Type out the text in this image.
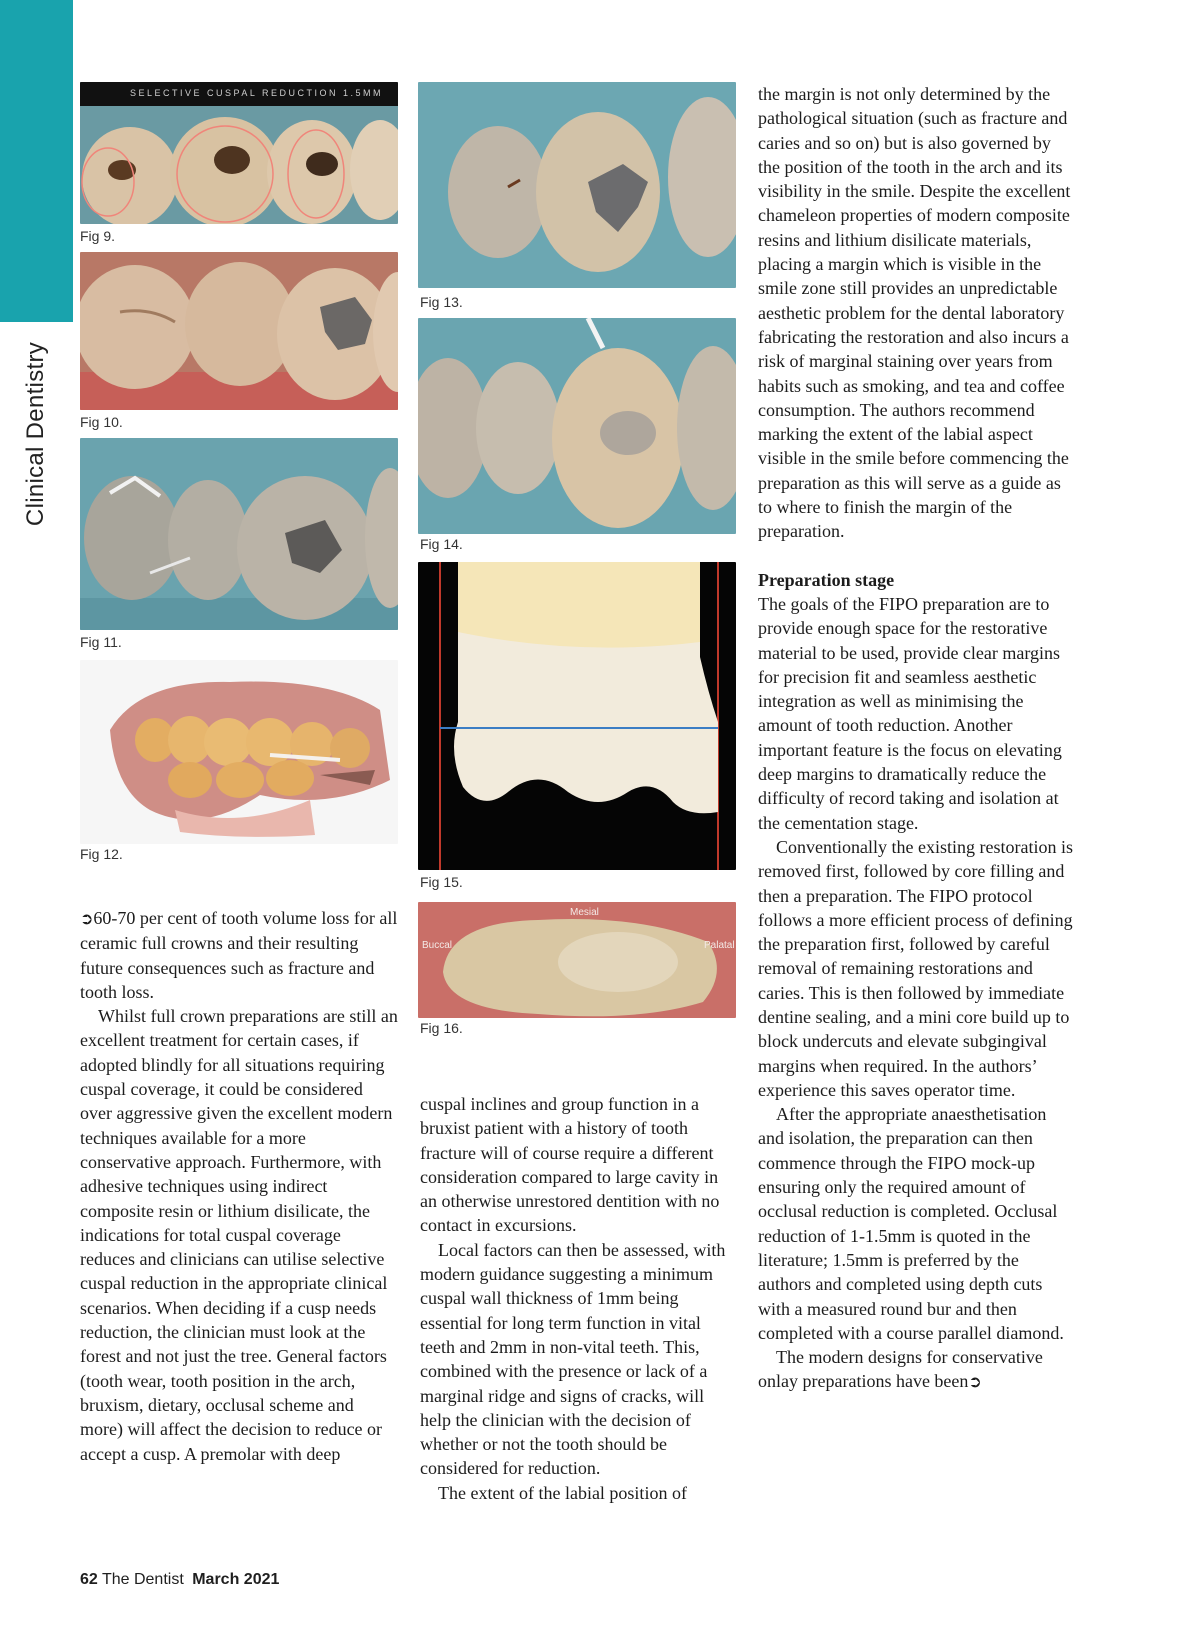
Clinical Dentistry
SELECTIVE CUSPAL REDUCTION 1.5MM
Fig 9.
Fig 10.
Fig 11.
Fig 12.
Fig 13.
Fig 14.
Fig 15.
Mesial
Buccal	Palatal
Fig 16.

➲60-70 per cent of tooth volume loss for all ceramic full crowns and their resulting future consequences such as fracture and tooth loss.

Whilst full crown preparations are still an excellent treatment for certain cases, if adopted blindly for all situations requiring cuspal coverage, it could be considered over aggressive given the excellent modern techniques available for a more conservative approach. Furthermore, with adhesive techniques using indirect composite resin or lithium disilicate, the indications for total cuspal coverage reduces and clinicians can utilise selective cuspal reduction in the appropriate clinical scenarios. When deciding if a cusp needs reduction, the clinician must look at the forest and not just the tree. General factors (tooth wear, tooth position in the arch, bruxism, dietary, occlusal scheme and more) will affect the decision to reduce or accept a cusp. A premolar with deep

cuspal inclines and group function in a bruxist patient with a history of tooth fracture will of course require a different consideration compared to large cavity in an otherwise unrestored dentition with no contact in excursions.

Local factors can then be assessed, with modern guidance suggesting a minimum cuspal wall thickness of 1mm being essential for long term function in vital teeth and 2mm in non-vital teeth. This, combined with the presence or lack of a marginal ridge and signs of cracks, will help the clinician with the decision of whether or not the tooth should be considered for reduction.

The extent of the labial position of

the margin is not only determined by the pathological situation (such as fracture and caries and so on) but is also governed by the position of the tooth in the arch and its visibility in the smile. Despite the excellent chameleon properties of modern composite resins and lithium disilicate materials, placing a margin which is visible in the smile zone still provides an unpredictable aesthetic problem for the dental laboratory fabricating the restoration and also incurs a risk of marginal staining over years from habits such as smoking, and tea and coffee consumption. The authors recommend marking the extent of the labial aspect visible in the smile before commencing the preparation as this will serve as a guide as to where to finish the margin of the preparation.

Preparation stage

The goals of the FIPO preparation are to provide enough space for the restorative material to be used, provide clear margins for precision fit and seamless aesthetic integration as well as minimising the amount of tooth reduction. Another important feature is the focus on elevating deep margins to dramatically reduce the difficulty of record taking and isolation at the cementation stage.

Conventionally the existing restoration is removed first, followed by core filling and then a preparation. The FIPO protocol follows a more efficient process of defining the preparation first, followed by careful removal of remaining restorations and caries. This is then followed by immediate dentine sealing, and a mini core build up to block undercuts and elevate subgingival margins when required. In the authors’ experience this saves operator time.

After the appropriate anaesthetisation and isolation, the preparation can then commence through the FIPO mock-up ensuring only the required amount of occlusal reduction is completed. Occlusal reduction of 1-1.5mm is quoted in the literature; 1.5mm is preferred by the authors and completed using depth cuts with a measured round bur and then completed with a course parallel diamond.

The modern designs for conservative onlay preparations have been➲

62 The Dentist March 2021
